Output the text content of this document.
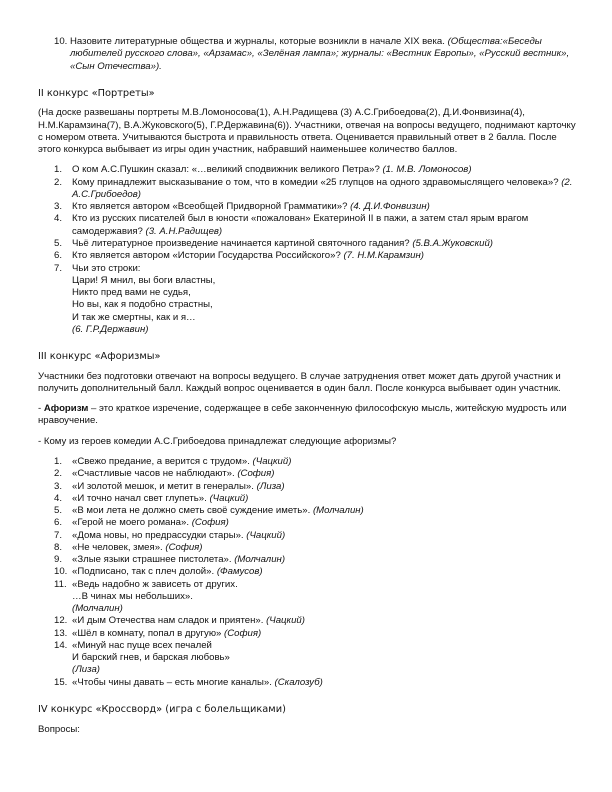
10. Назовите литературные общества и журналы, которые возникли в начале XIX века. (Общества:«Беседы любителей русского слова», «Арзамас», «Зелёная лампа»; журналы: «Вестник Европы», «Русский вестник», «Сын Отечества»).
II конкурс «Портреты»

(На доске развешаны портреты М.В.Ломоносова(1), А.Н.Радищева (3) А.С.Грибоедова(2), Д.И.Фонвизина(4), Н.М.Карамзина(7), В.А.Жуковского(5), Г.Р.Державина(6)). Участники, отвечая на вопросы ведущего, поднимают карточку с номером ответа. Учитываются быстрота и правильность ответа. Оценивается правильный ответ в 2 балла. После этого конкурса выбывает из игры один участник, набравший наименьшее количество баллов.

1.	О ком А.С.Пушкин сказал: «…великий сподвижник великого Петра»? (1. М.В. Ломоносов)
2.	Кому принадлежит высказывание о том, что в комедии «25 глупцов на одного здравомыслящего человека»? (2. А.С.Грибоедов)
3.	Кто является автором «Всеобщей Придворной Грамматики»? (4. Д.И.Фонвизин)
4.	Кто из русских писателей был в юности «пожалован» Екатериной II в пажи, а затем стал ярым врагом самодержавия? (3. А.Н.Радищев)
5.	Чьё литературное произведение начинается картиной святочного гадания? (5.В.А.Жуковский)
6.	Кто является автором «Истории Государства Российского»? (7. Н.М.Карамзин)
7.	Чьи это строки:
Цари! Я мнил, вы боги властны,
Никто пред вами не судья,
Но вы, как я подобно страстны,
И так же смертны, как и я…
(6. Г.Р.Державин)
III конкурс «Афоризмы»

Участники без подготовки отвечают на вопросы ведущего. В случае затруднения ответ может дать другой участник и получить дополнительный балл. Каждый вопрос оценивается в один балл. После конкурса выбывает один участник.

- Афоризм – это краткое изречение, содержащее в себе законченную философскую мысль, житейскую мудрость или нравоучение.

- Кому из героев комедии А.С.Грибоедова принадлежат следующие афоризмы?

1.	«Свежо предание, а верится с трудом». (Чацкий)
2.	«Счастливые часов не наблюдают». (София)
3.	«И золотой мешок, и метит в генералы». (Лиза)
4.	«И точно начал свет глупеть». (Чацкий)
5.	«В мои лета не должно сметь своё суждение иметь». (Молчалин)
6.	«Герой не моего романа». (София)
7.	«Дома новы, но предрассудки стары». (Чацкий)
8.	«Не человек, змея». (София)
9.	«Злые языки страшнее пистолета». (Молчалин)
10. «Подписано, так с плеч долой». (Фамусов)
11. «Ведь надобно ж зависеть от других.
…В чинах мы небольших».
(Молчалин)
12. «И дым Отечества нам сладок и приятен». (Чацкий)
13. «Шёл в комнату, попал в другую» (София)
14. «Минуй нас пуще всех печалей
И барский гнев, и барская любовь»
(Лиза)
15. «Чтобы чины давать – есть многие каналы». (Скалозуб)
IV конкурс «Кроссворд» (игра с болельщиками)

Вопросы:
